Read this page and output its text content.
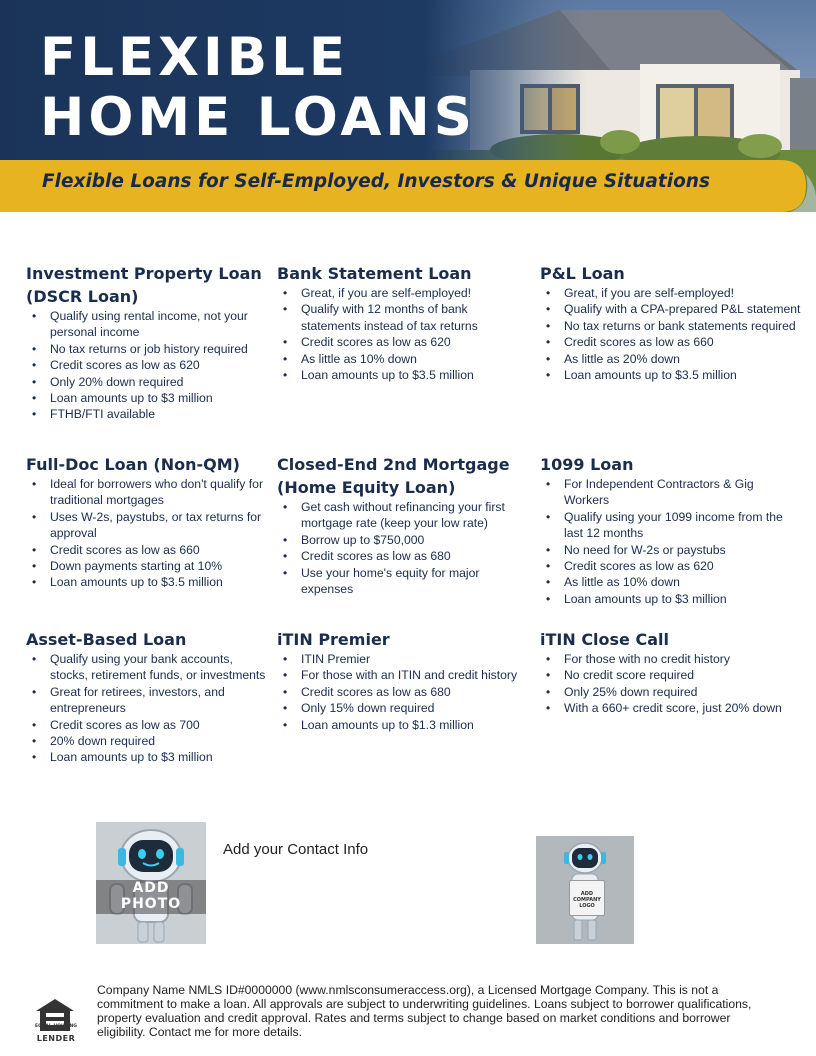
FLEXIBLE
HOME LOANS
Flexible Loans for Self-Employed, Investors & Unique Situations
Investment Property Loan (DSCR Loan)
• Qualify using rental income, not your personal income
• No tax returns or job history required
• Credit scores as low as 620
• Only 20% down required
• Loan amounts up to $3 million
• FTHB/FTI available
Bank Statement Loan
• Great, if you are self-employed!
• Qualify with 12 months of bank statements instead of tax returns
• Credit scores as low as 620
• As little as 10% down
• Loan amounts up to $3.5 million
P&L Loan
• Great, if you are self-employed!
• Qualify with a CPA-prepared P&L statement
• No tax returns or bank statements required
• Credit scores as low as 660
• As little as 20% down
• Loan amounts up to $3.5 million
Full-Doc Loan (Non-QM)
• Ideal for borrowers who don't qualify for traditional mortgages
• Uses W-2s, paystubs, or tax returns for approval
• Credit scores as low as 660
• Down payments starting at 10%
• Loan amounts up to $3.5 million
Closed-End 2nd Mortgage (Home Equity Loan)
• Get cash without refinancing your first mortgage rate (keep your low rate)
• Borrow up to $750,000
• Credit scores as low as 680
• Use your home's equity for major expenses
1099 Loan
• For Independent Contractors & Gig Workers
• Qualify using your 1099 income from the last 12 months
• No need for W-2s or paystubs
• Credit scores as low as 620
• As little as 10% down
• Loan amounts up to $3 million
Asset-Based Loan
• Qualify using your bank accounts, stocks, retirement funds, or investments
• Great for retirees, investors, and entrepreneurs
• Credit scores as low as 700
• 20% down required
• Loan amounts up to $3 million
iTIN Premier
• ITIN Premier
• For those with an ITIN and credit history
• Credit scores as low as 680
• Only 15% down required
• Loan amounts up to $1.3 million
iTIN Close Call
• For those with no credit history
• No credit score required
• Only 25% down required
• With a 660+ credit score, just 20% down
ADD
PHOTO
Add your Contact Info
ADD COMPANY LOGO
EQUAL HOUSING
LENDER
Company Name NMLS ID#0000000 (www.nmlsconsumeraccess.org), a Licensed Mortgage Company. This is not a commitment to make a loan. All approvals are subject to underwriting guidelines. Loans subject to borrower qualifications, property evaluation and credit approval. Rates and terms subject to change based on market conditions and borrower eligibility. Contact me for more details.
